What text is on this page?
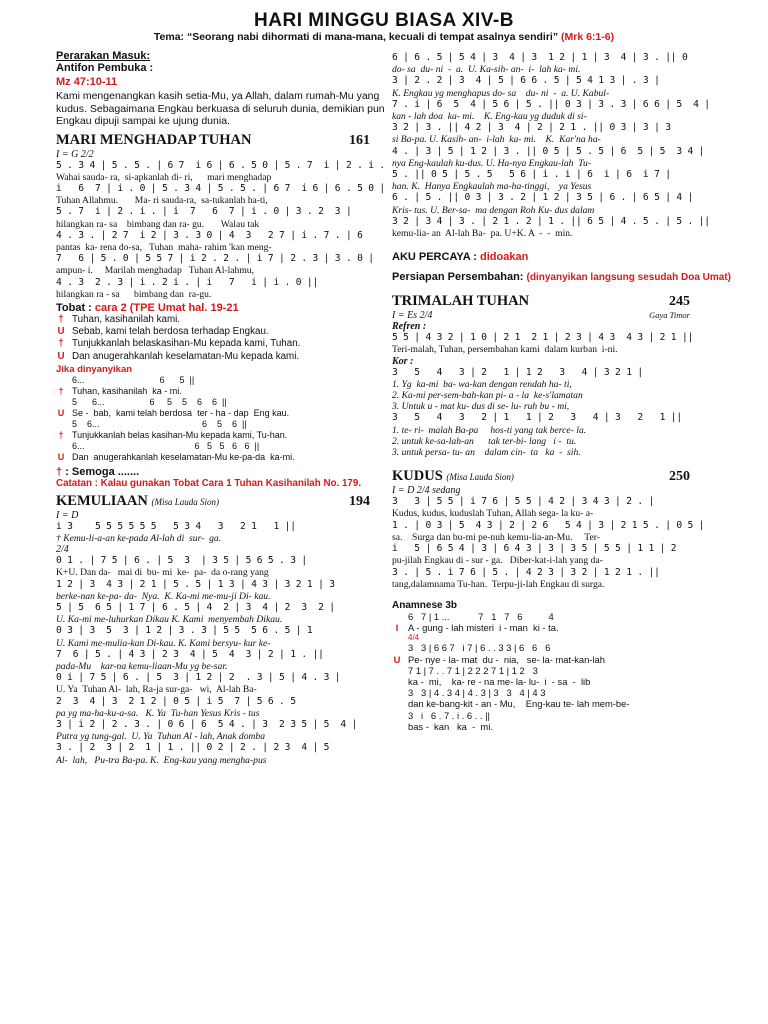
HARI MINGGU BIASA XIV-B
Tema: “Seorang nabi dihormati di mana-mana, kecuali di tempat asalnya sendiri” (Mrk 6:1-6)
Perarakan Masuk:
Antifon Pembuka :
Mz 47:10-11
Kami mengenangkan kasih setia-Mu, ya Allah, dalam rumah-Mu yang kudus. Sebagaimana Engkau berkuasa di seluruh dunia, demikian pun Engkau dipuji sampai ke ujung dunia.
MARI MENGHADAP TUHAN	161
I = G 2/2
5 . 3 4 | 5 . 5 . | 6 7  i 6 | 6 . 5 0 | 5 . 7  i | 2 . i .
Wahai sauda- ra,  si-apkanlah di- ri,      mari menghadap
i   6  7 | i . 0 | 5 . 3 4 | 5 . 5 . | 6 7  i 6 | 6 . 5 0 |
Tuhan Allahmu.       Ma- ri sauda-ra,  sa-tukanlah ha-ti,
5 . 7  i | 2 . i . | i  7   6  7 | i . 0 | 3 . 2  3 |
hilangkan ra- sa    bimbang dan ra- gu.       Walau tak
4 . 3 . | 2 7  i 2 | 3 . 3 0 | 4  3   2 7 | i . 7 . | 6
pantas  ka- rena do-sa,   Tuhan  maha- rahim 'kan meng-
7   6 | 5 . 0 | 5 5 7 | i 2 . 2 . | i 7 | 2 . 3 | 3 . 0 |
ampun- i.     Marilah menghadap   Tuhan Al-lahmu,
4 . 3  2 . 3 | i . 2 i . | i   7   i | i . 0 ||
hilangkan ra - sa      bimbang dan  ra-gu.
Tobat : cara 2 (TPE Umat hal. 19-21
† Tuhan, kasihanilah kami.
U Sebab, kami telah berdosa terhadap Engkau.
† Tunjukkanlah belaskasihan-Mu kepada kami, Tuhan.
U Dan anugerahkanlah keselamatan-Mu kepada kami.
Jika dinyanyikan
6...                              6      5  ||
† Tuhan, kasihanilah  ka - mi.
5      6...                  6     5    5    6    6  ||
U Se -  bab,  kami telah berdosa  ter - ha - dap  Eng kau.
5    6...                                         6    5    6  ||
† Tunjukkanlah belas kasihan-Mu kepada kami, Tu-han.
6...                                            6   5   5   6   6  ||
U Dan  anugerahkanlah keselamatan-Mu ke-pa-da  ka-mi.
† : Semoga .......
Catatan : Kalau gunakan Tobat Cara 1 Tuhan Kasihanilah No. 179.
KEMULIAAN (Misa Lauda Sion)	194
I = D
i 3    5 5 5 5 5 5   5 3 4   3   2 1   1 ||
† Kemu-li-a-an ke-pada Al-lah di  sur-  ga.
2/4
0 1 . | 7 5 | 6 . | 5  3  | 3 5 | 5 6 5 . 3 |
K+U. Dan da-   mai di  bu- mi  ke-  pa-  da o-rang yang
1 2 | 3  4 3 | 2 1 | 5 . 5 | 1 3 | 4 3 | 3 2 1 | 3
berke-nan ke-pa- da-  Nya.  K. Ka-mi me-mu-ji Di- kau.
5 | 5  6 5 | 1 7 | 6 . 5 | 4  2 | 3  4 | 2  3  2 |
U. Ka-mi me-luhurkan Dikau K. Kami  menyembah Dikau.
0 3 | 3  5  3 | 1 2 | 3 . 3 | 5 5  5 6 . 5 | 1
U. Kami me-mulia-kan Di-kau. K. Kami bersyu- kur ke-
7  6 | 5 . | 4 3 | 2 3  4 | 5  4  3 | 2 | 1 . ||
pada-Mu    kar-na kemu-liaan-Mu yg be-sar.
0 i | 7 5 | 6 . | 5  3 | 1 2 | 2  . 3 | 5 | 4 . 3 |
U. Ya  Tuhan Al-  lah, Ra-ja sur-ga-   wi,  Al-lah Ba-
2  3  4 | 3  2 1 2 | 0 5 | i 5  7 | 5 6 . 5
pa yg ma-ha-ku-a-sa.   K. Ya  Tu-han Yesus Kris - tus
3 | i 2 | 2 . 3 . | 0 6 | 6  5 4 . | 3  2 3 5 | 5  4 |
Putra yg tung-gal.  U. Ya  Tuhan Al - lah, Anak domba
3 . | 2  3 | 2  1 | 1 . || 0 2 | 2 . | 2 3  4 | 5
Al-  lah,   Pu-tra Ba-pa. K.  Eng-kau yang mengha-pus
6 | 6 . 5 | 5 4 | 3  4 | 3  1 2 | 1 | 3  4 | 3 . || 0
do- sa  du- ni  -  a.  U. Ka-sih- an-  i-  lah ka- mi.
3 | 2 . 2 | 3  4 | 5 | 6 6 . 5 | 5 4 1 3 | . 3 |
K. Engkau yg menghapus do- sa    du- ni  -  a. U. Kabul-
7 . i | 6  5  4 | 5 6 | 5 . || 0 3 | 3 . 3 | 6 6 | 5  4 |
kan - lah doa  ka- mi.    K. Eng-kau yg duduk di si-
3 2 | 3 . || 4 2 | 3  4 | 2 | 2 1 . || 0 3 | 3 | 3
si Ba-pa. U. Kasih- an-  i-lah  ka- mi.    K.  Kar'na ha-
4 . | 3 | 5 | 1 2 | 3 . || 0 5 | 5 . 5 | 6  5 | 5  3 4 |
nya Eng-kaulah ku-dus. U. Ha-nya Engkau-lah  Tu-
5 . || 0 5 | 5 . 5   5 6 | i . i | 6  i | 6  i 7 |
han. K.  Hanya Engkaulah ma-ha-tinggi,    ya Yesus
6 . | 5 . || 0 3 | 3 . 2 | 1 2 | 3 5 | 6 . | 6 5 | 4 |
Kris- tus. U. Ber-sa-  ma dengan Roh Ku- dus dalam
3 2 | 3 4 | 3 . | 2 1 . 2 | 1 . || 6 5 | 4 . 5 . | 5 . ||
kemu-lia- an  Al-lah Ba-  pa. U+K. A  -  -  min.
AKU PERCAYA : didoakan
Persiapan Persembahan: (dinyanyikan langsung sesudah Doa Umat)
TRIMALAH TUHAN	245
I = Es 2/4	Gaya Timor
Refren :
5 5 | 4 3 2 | 1 0 | 2 1  2 1 | 2 3 | 4 3  4 3 | 2 1 ||
Teri-malah, Tuhan, persembahan kami  dalam kurban  i-ni.
Kor :
3   5   4   3 | 2   1 | 1 2   3   4 | 3 2 1 |
1. Yg  ka-mi  ba- wa-kan dengan rendah ha- ti,
2. Ka-mi per-sem-bah-kan pi- a - la  ke-s'lamatan
3. Untuk u - mat ku- dus di se- lu- ruh bu - mi,
3   5   4   3   2 | 1   1 | 2   3   4 | 3   2   1 ||
1. te- ri-  malah Ba-pa     hos-ti yang tak berce- la.
2. untuk ke-sa-lah-an      tak ter-bi- lang   i -  tu.
3. untuk persa- tu- an    dalam cin-  ta   ka  -  sih.
KUDUS (Misa Lauda Sion)	250
I = D 2/4 sedang
3   3 | 5 5 | i 7 6 | 5 5 | 4 2 | 3 4 3 | 2 . |
Kudus, kudus, kuduslah Tuhan, Allah sega- la ku- a-
1 . | 0 3 | 5  4 3 | 2 | 2 6   5 4 | 3 | 2 1 5 . | 0 5 |
sa.    Surga dan bu-mi pe-nuh kemu-lia-an-Mu.     Ter-
i   5 | 6 5 4 | 3 | 6 4 3 | 3 | 3 5 | 5 5 | 1 1 | 2
pu-jilah Engkau di - sur - ga.   Diber-kat-i-lah yang da-
3 . | 5 . i 7 6 | 5 . | 4 2 3 | 3 2 | 1 2 1 . ||
tang,dalamnama Tu-han.  Terpu-ji-lah Engkau di surga.
Anamnese 3b
6   7 | 1 ...           7   1   7   6          4
I	A - gung - lah misteri  i - man  ki - ta.
4/4
3   3 | 6 6 7   i 7 | 6 . . 3 3 | 6   6   6
U Pe- nye - la- mat  du -  nia,   se- la- mat-kan-lah
7 1 | 7 . . 7 1 | 2 2 2 7 1 | 1 2   3
ka -  mi,    ka- re - na me- la- lu-  i  - sa  -  lib
3   3 | 4 . 3 4 | 4 . 3 | 3   3   4 | 4 3
dan ke-bang-kit - an - Mu,    Eng-kau te- lah mem-be-
3   i   6 . 7 . i . 6 . . ||
bas -  kan   ka  -  mi.
